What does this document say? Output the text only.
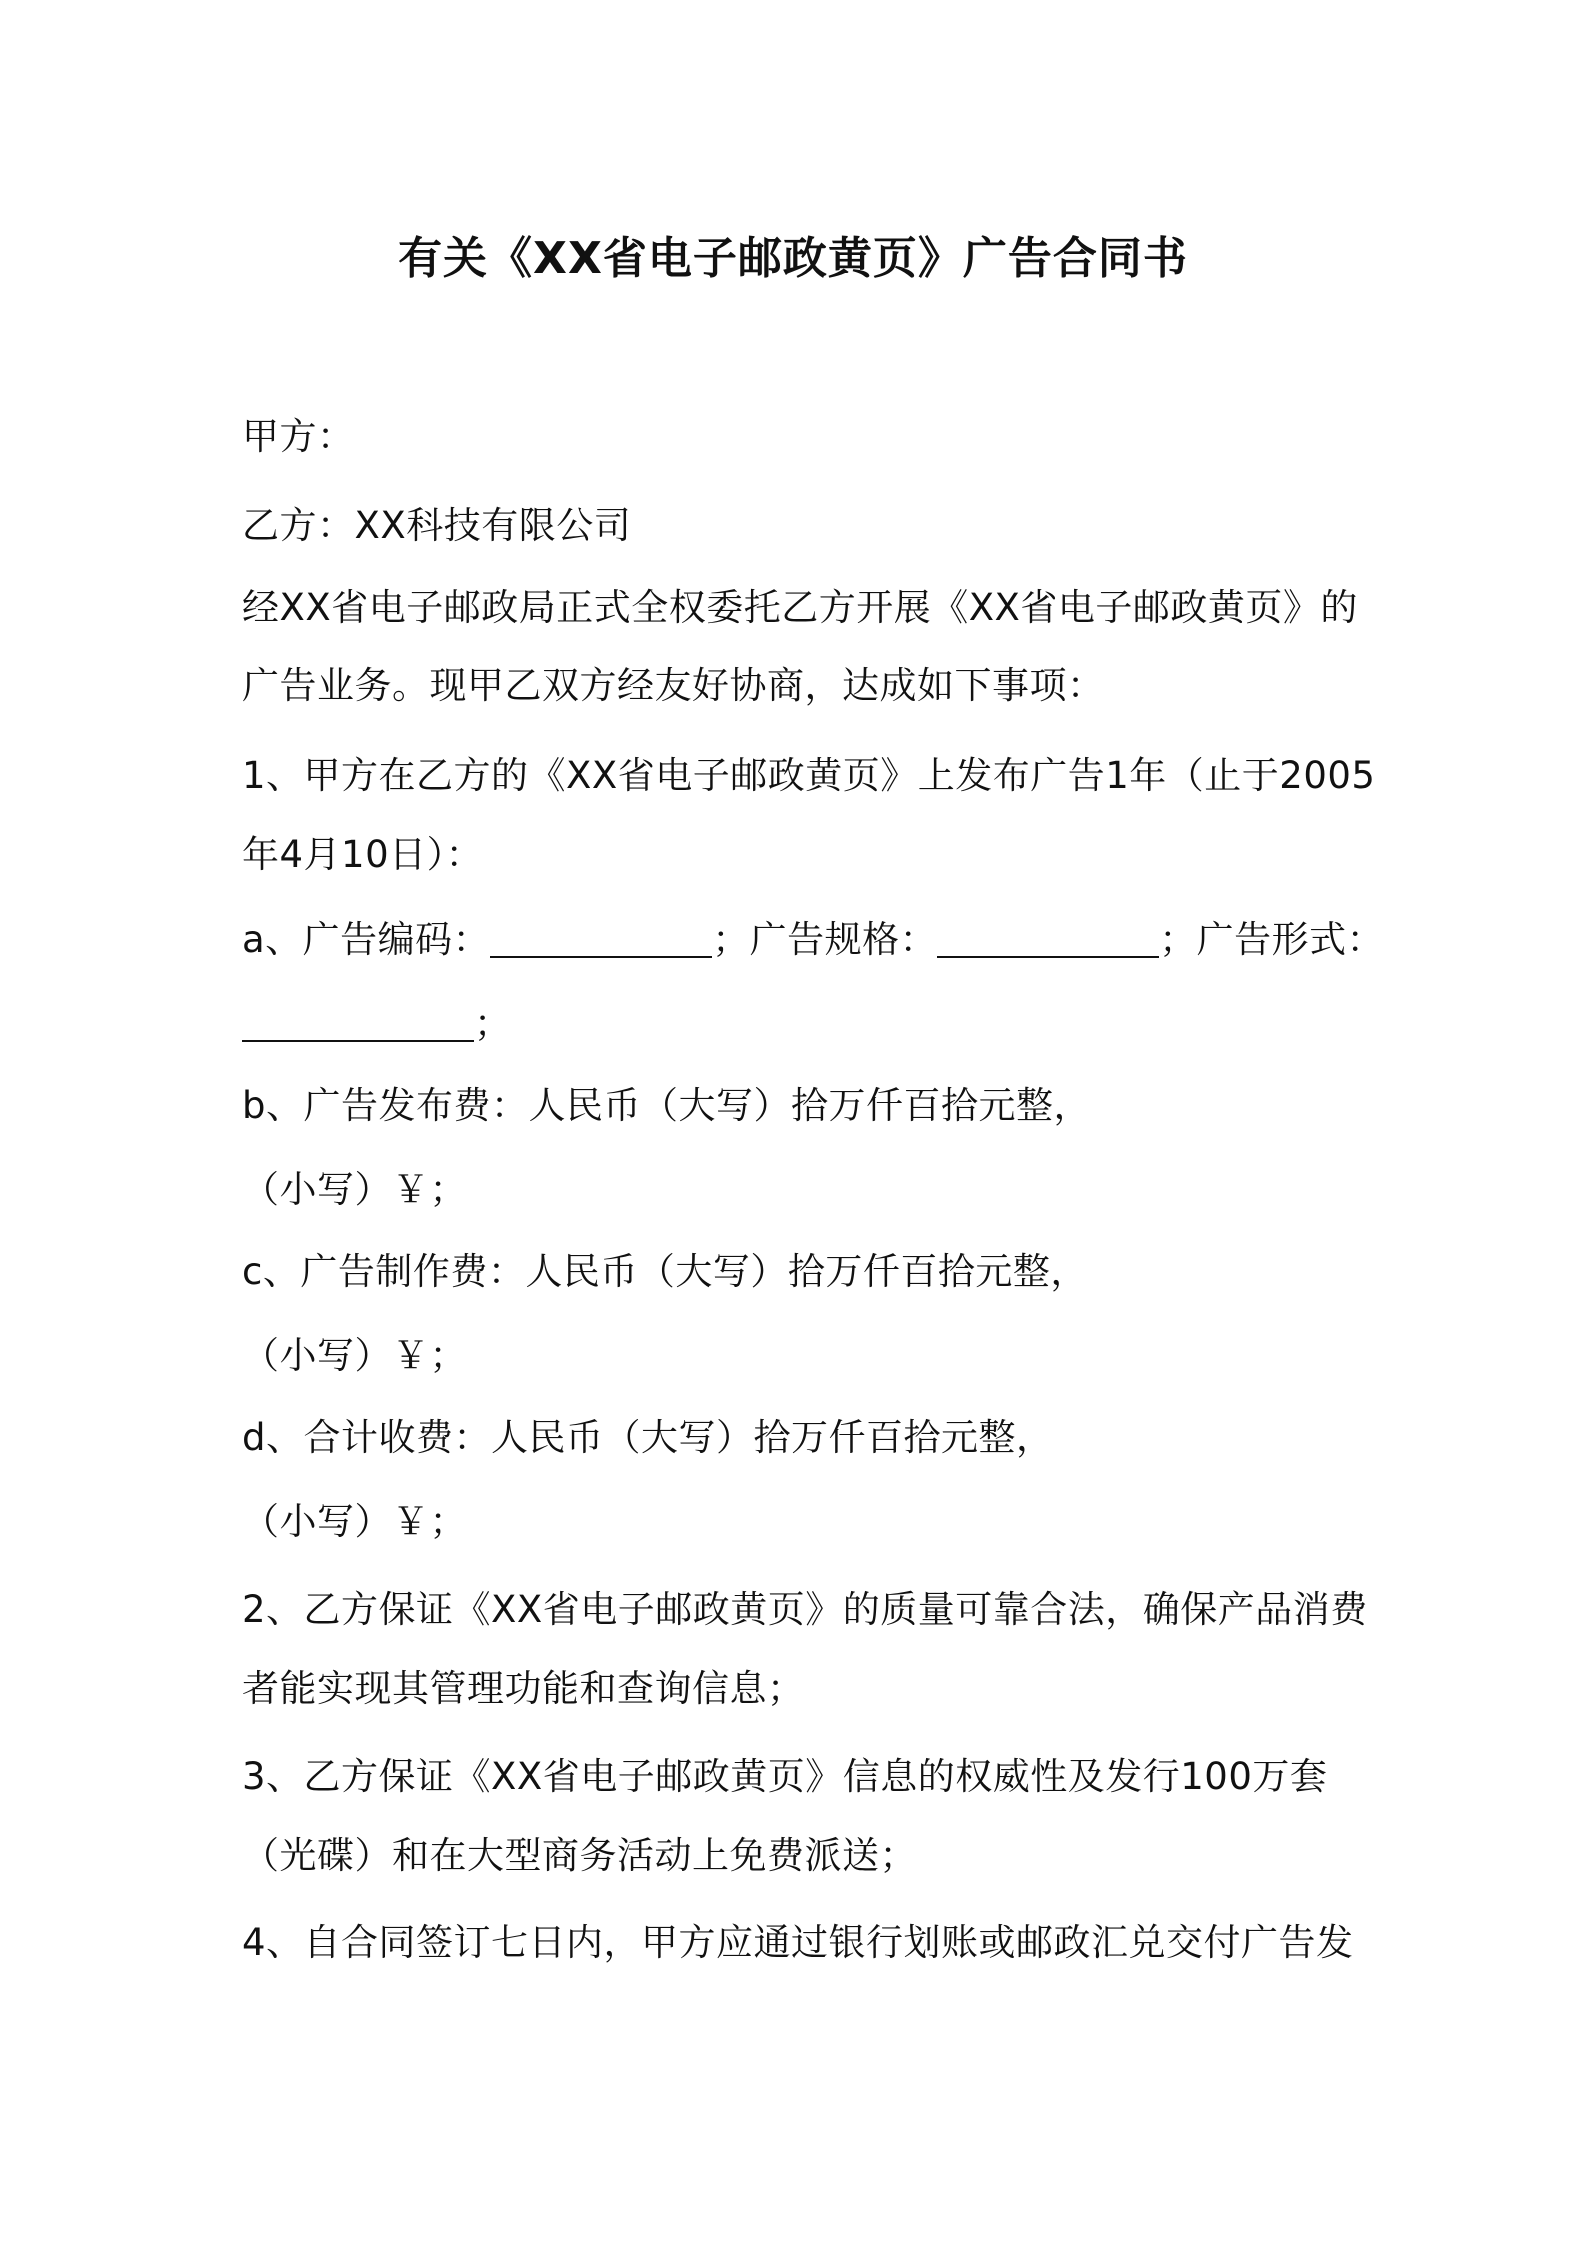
有关《XX省电子邮政黄页》广告合同书
甲方：
乙方：XX科技有限公司
经XX省电子邮政局正式全权委托乙方开展《XX省电子邮政黄页》的
广告业务。现甲乙双方经友好协商，达成如下事项：
1、甲方在乙方的《XX省电子邮政黄页》上发布广告1年（止于2005
年4月10日）：
a、广告编码：	；广告规格：	；广告形式：
；
b、广告发布费：人民币（大写）拾万仟百拾元整，
（小写）￥；
c、广告制作费：人民币（大写）拾万仟百拾元整，
（小写）￥；
d、合计收费：人民币（大写）拾万仟百拾元整，
（小写）￥；
2、乙方保证《XX省电子邮政黄页》的质量可靠合法，确保产品消费
者能实现其管理功能和查询信息；
3、乙方保证《XX省电子邮政黄页》信息的权威性及发行100万套
（光碟）和在大型商务活动上免费派送；
4、自合同签订七日内，甲方应通过银行划账或邮政汇兑交付广告发
